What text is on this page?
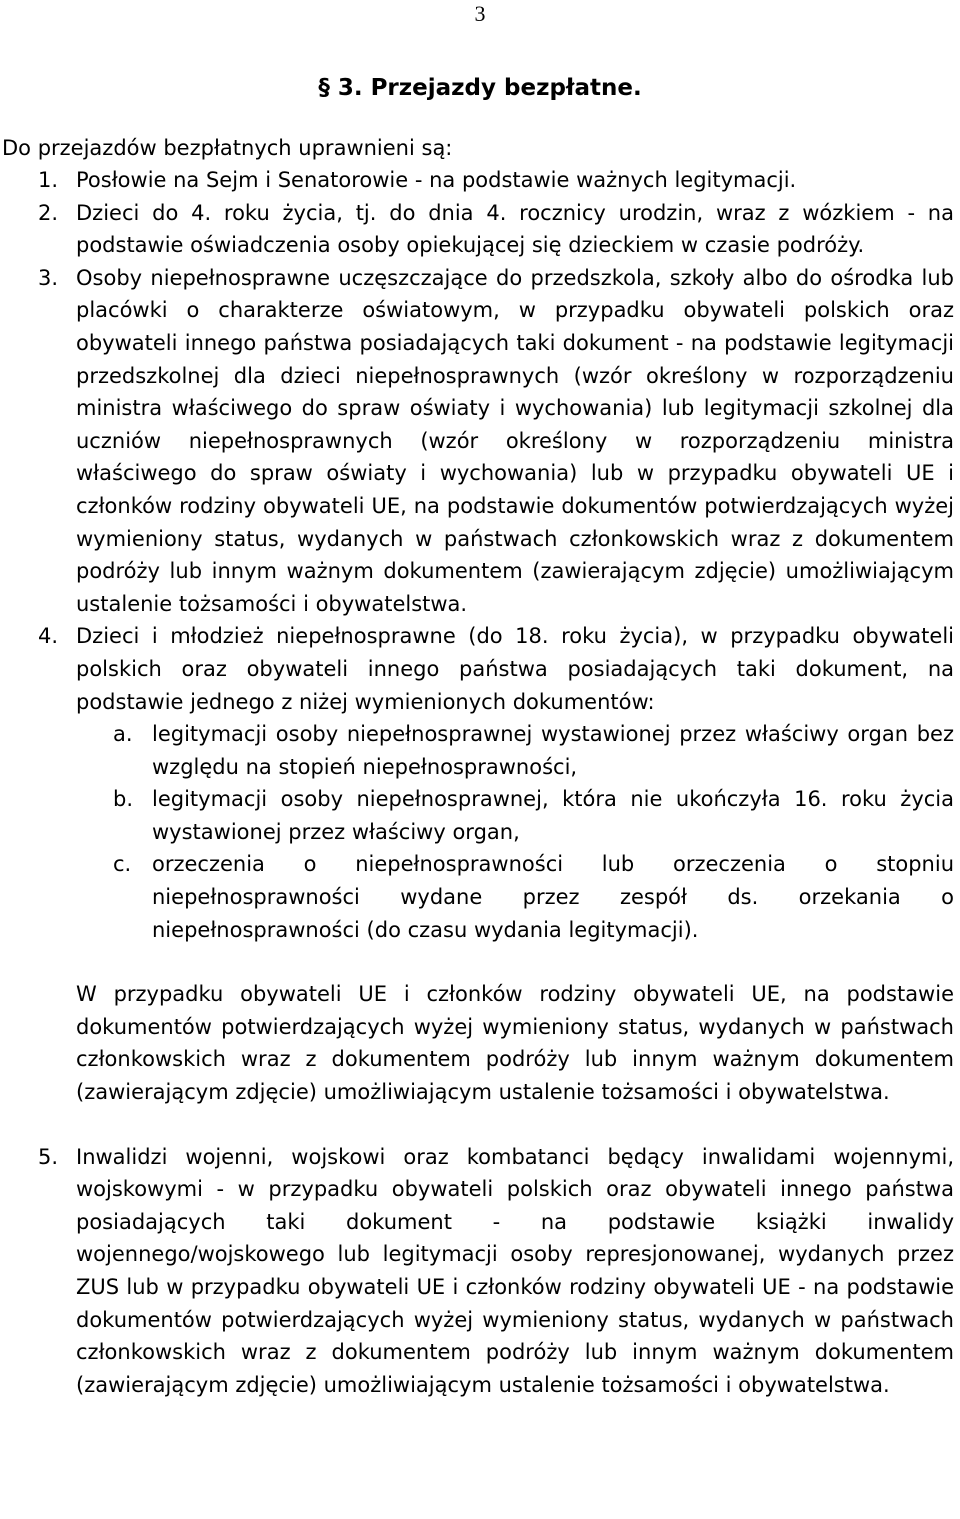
3
§ 3. Przejazdy bezpłatne.
Do przejazdów bezpłatnych uprawnieni są:
1. Posłowie na Sejm i Senatorowie - na podstawie ważnych legitymacji.
2. Dzieci do 4. roku życia, tj. do dnia 4. rocznicy urodzin, wraz z wózkiem - na podstawie oświadczenia osoby opiekującej się dzieckiem w czasie podróży.
3. Osoby niepełnosprawne uczęszczające do przedszkola, szkoły albo do ośrodka lub placówki o charakterze oświatowym, w przypadku obywateli polskich oraz obywateli innego państwa posiadających taki dokument - na podstawie legitymacji przedszkolnej dla dzieci niepełnosprawnych (wzór określony w rozporządzeniu ministra właściwego do spraw oświaty i wychowania) lub legitymacji szkolnej dla uczniów niepełnosprawnych (wzór określony w rozporządzeniu ministra właściwego do spraw oświaty i wychowania) lub w przypadku obywateli UE i członków rodziny obywateli UE, na podstawie dokumentów potwierdzających wyżej wymieniony status, wydanych w państwach członkowskich wraz z dokumentem podróży lub innym ważnym dokumentem (zawierającym zdjęcie) umożliwiającym ustalenie tożsamości i obywatelstwa.
4. Dzieci i młodzież niepełnosprawne (do 18. roku życia), w przypadku obywateli polskich oraz obywateli innego państwa posiadających taki dokument, na podstawie jednego z niżej wymienionych dokumentów:
a. legitymacji osoby niepełnosprawnej wystawionej przez właściwy organ bez względu na stopień niepełnosprawności,
b. legitymacji osoby niepełnosprawnej, która nie ukończyła 16. roku życia wystawionej przez właściwy organ,
c. orzeczenia o niepełnosprawności lub orzeczenia o stopniu niepełnosprawności wydane przez zespół ds. orzekania o niepełnosprawności (do czasu wydania legitymacji).
W przypadku obywateli UE i członków rodziny obywateli UE, na podstawie dokumentów potwierdzających wyżej wymieniony status, wydanych w państwach członkowskich wraz z dokumentem podróży lub innym ważnym dokumentem (zawierającym zdjęcie) umożliwiającym ustalenie tożsamości i obywatelstwa.
5. Inwalidzi wojenni, wojskowi oraz kombatanci będący inwalidami wojennymi, wojskowymi - w przypadku obywateli polskich oraz obywateli innego państwa posiadających taki dokument - na podstawie książki inwalidy wojennego/wojskowego lub legitymacji osoby represjonowanej, wydanych przez ZUS lub w przypadku obywateli UE i członków rodziny obywateli UE - na podstawie dokumentów potwierdzających wyżej wymieniony status, wydanych w państwach członkowskich wraz z dokumentem podróży lub innym ważnym dokumentem (zawierającym zdjęcie) umożliwiającym ustalenie tożsamości i obywatelstwa.
